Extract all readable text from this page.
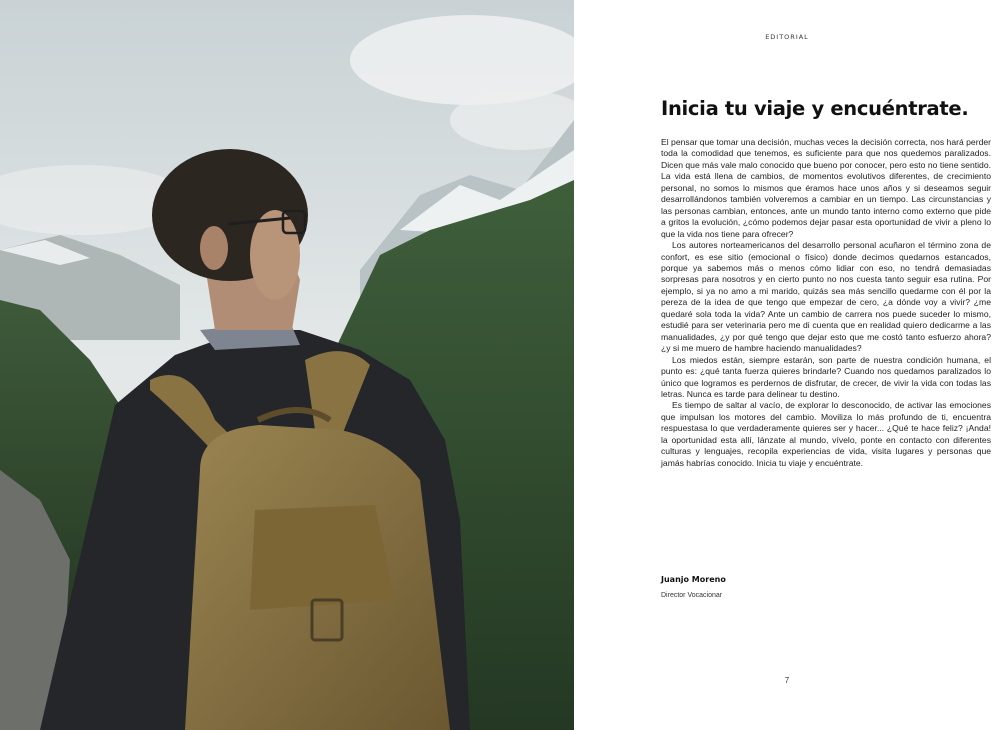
EDITORIAL
Inicia tu viaje y encuéntrate.

El pensar que tomar una decisión, muchas veces la decisión correcta, nos hará perder toda la comodidad que tenemos, es suficiente para que nos quedemos paralizados. Dicen que más vale malo conocido que bueno por conocer, pero esto no tiene sentido. La vida está llena de cambios, de momentos evolutivos diferentes, de crecimiento personal, no somos lo mismos que éramos hace unos años y si deseamos seguir desarrollándonos también volveremos a cambiar en un tiempo. Las circunstancias y las personas cambian, entonces, ante un mundo tanto interno como externo que pide a gritos la evolución, ¿cómo podemos dejar pasar esta oportunidad de vivir a pleno lo que la vida nos tiene para ofrecer?

Los autores norteamericanos del desarrollo personal acuñaron el término zona de confort, es ese sitio (emocional o físico) donde decimos quedarnos estancados, porque ya sabemos más o menos cómo lidiar con eso, no tendrá demasiadas sorpresas para nosotros y en cierto punto no nos cuesta tanto seguir esa rutina. Por ejemplo, si ya no amo a mi marido, quizás sea más sencillo quedarme con él por la pereza de la idea de que tengo que empezar de cero, ¿a dónde voy a vivir? ¿me quedaré sola toda la vida? Ante un cambio de carrera nos puede suceder lo mismo, estudié para ser veterinaria pero me di cuenta que en realidad quiero dedicarme a las manualidades, ¿y por qué tengo que dejar esto que me costó tanto esfuerzo ahora? ¿y si me muero de hambre haciendo manualidades?

Los miedos están, siempre estarán, son parte de nuestra condición humana, el punto es: ¿qué tanta fuerza quieres brindarle? Cuando nos quedamos paralizados lo único que logramos es perdernos de disfrutar, de crecer, de vivir la vida con todas las letras. Nunca es tarde para delinear tu destino.

Es tiempo de saltar al vacío, de explorar lo desconocido, de activar las emociones que impulsan los motores del cambio. Moviliza lo más profundo de ti, encuentra respuestasa lo que verdaderamente quieres ser y hacer... ¿Qué te hace feliz? ¡Anda! la oportunidad esta allí, lánzate al mundo, vívelo, ponte en contacto con diferentes culturas y lenguajes, recopila experiencias de vida, visita lugares y personas que jamás habrías conocido. Inicia tu viaje y encuéntrate.

Juanjo Moreno
Director Vocacionar
7
